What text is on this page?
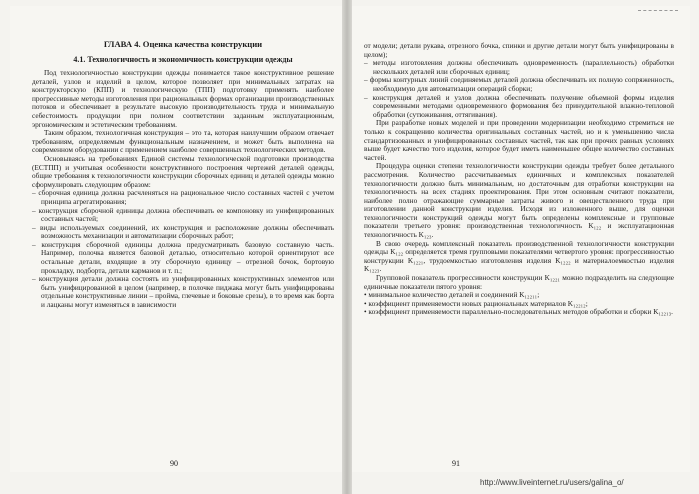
ГЛАВА 4. Оценка качества конструкции

4.1. Технологичность и экономичность конструкции одежды

Под технологичностью конструкции одежды понимается такое конструктивное решение деталей, узлов и изделий в целом, которое позволяет при минимальных затратах на конструкторскую (КПП) и технологическую (ТПП) подготовку применять наиболее прогрессивные методы изготовления при рациональных формах организации производственных потоков и обеспечивает в результате высокую производительность труда и минимальную себестоимость продукции при полном соответствии заданным эксплуатационным, эргономическим и эстетическим требованиям.

Таким образом, технологичная конструкция – это та, которая наилучшим образом отвечает требованиям, определяемым функциональным назначением, и может быть выполнена на современном оборудовании с применением наиболее совершенных технологических методов.

Основываясь на требованиях Единой системы технологической подготовки производства (ЕСТПП) и учитывая особенности конструктивного построения чертежей деталей одежды, общие требования к технологичности конструкции сборочных единиц и деталей одежды можно сформулировать следующим образом:

– сборочная единица должна расчленяться на рациональное число составных частей с учетом принципа агрегатирования;

– конструкция сборочной единицы должна обеспечивать ее компоновку из унифицированных составных частей;

– виды используемых соединений, их конструкция и расположение должны обеспечивать возможность механизации и автоматизации сборочных работ;

– конструкция сборочной единицы должна предусматривать базовую составную часть. Например, полочка является базовой деталью, относительно которой ориентируют все остальные детали, входящие в эту сборочную единицу – отрезной бочок, бортовую прокладку, подборта, детали карманов и т. п.;

– конструкция детали должна состоять из унифицированных конструктивных элементов или быть унифицированной в целом (например, в полочке пиджака могут быть унифицированы отдельные конструктивные линии – пройма, глечевые и боковые срезы), в то время как борта и лацканы могут изменяться в зависимости

90

от модели; детали рукава, отрезного бочка, спинки и другие детали могут быть унифицированы в целом);

– методы изготовления должны обеспечивать одновременность (параллельность) обработки нескольких деталей или сборочных единиц;

– формы контурных линий соединяемых деталей должна обеспечивать их полную сопряженность, необходимую для автоматизации операций сборки;

– конструкция деталей и узлов должна обеспечивать получение объемной формы изделия современными методами одновременного формования без принудительной влажно-тепловой обработки (сутюживания, оттягивания).

При разработке новых моделей и при проведении модернизации необходимо стремиться не только к сокращению количества оригинальных составных частей, но и к уменьшению числа стандартизованных и унифицированных составных частей, так как при прочих равных условиях выше будет качество того изделия, которое будет иметь наименьшее общее количество составных частей.

Процедура оценки степени технологичности конструкции одежды требует более детального рассмотрения. Количество рассчитываемых единичных и комплексных показателей технологичности должно быть минимальным, но достаточным для отработки конструкции на технологичность на всех стадиях проектирования. При этом основным считают показатели, наиболее полно отражающие суммарные затраты живого и овеществленного труда при изготовлении данной конструкции изделия. Исходя из изложенного выше, для оценки технологичности конструкций одежды могут быть определены комплексные и групповые показатели третьего уровня: производственная технологичность K₁₂₂ и эксплуатационная технологичность K₁₂₃.

В свою очередь комплексный показатель производственной технологичности конструкции одежды K₁₂₂ определяется тремя групповыми показателями четвертого уровня: прогрессивностью конструкции K₁₂₂₁, трудоемкостью изготовления изделия K₁₂₂₂ и материалоемкостью изделия K₁₂₂₃.

Групповой показатель прогрессивности конструкции K₁₂₂₁ можно подразделить на следующие единичные показатели пятого уровня:

• минимальное количество деталей и соединений K₁₂₂₁₁;

• коэффициент применяемости новых рациональных материалов K₁₂₂₁₂;

• коэффициент применяемости параллельно-последовательных методов обработки и сборки K₁₂₂₁₃.

91
http://www.liveinternet.ru/users/galina_o/
